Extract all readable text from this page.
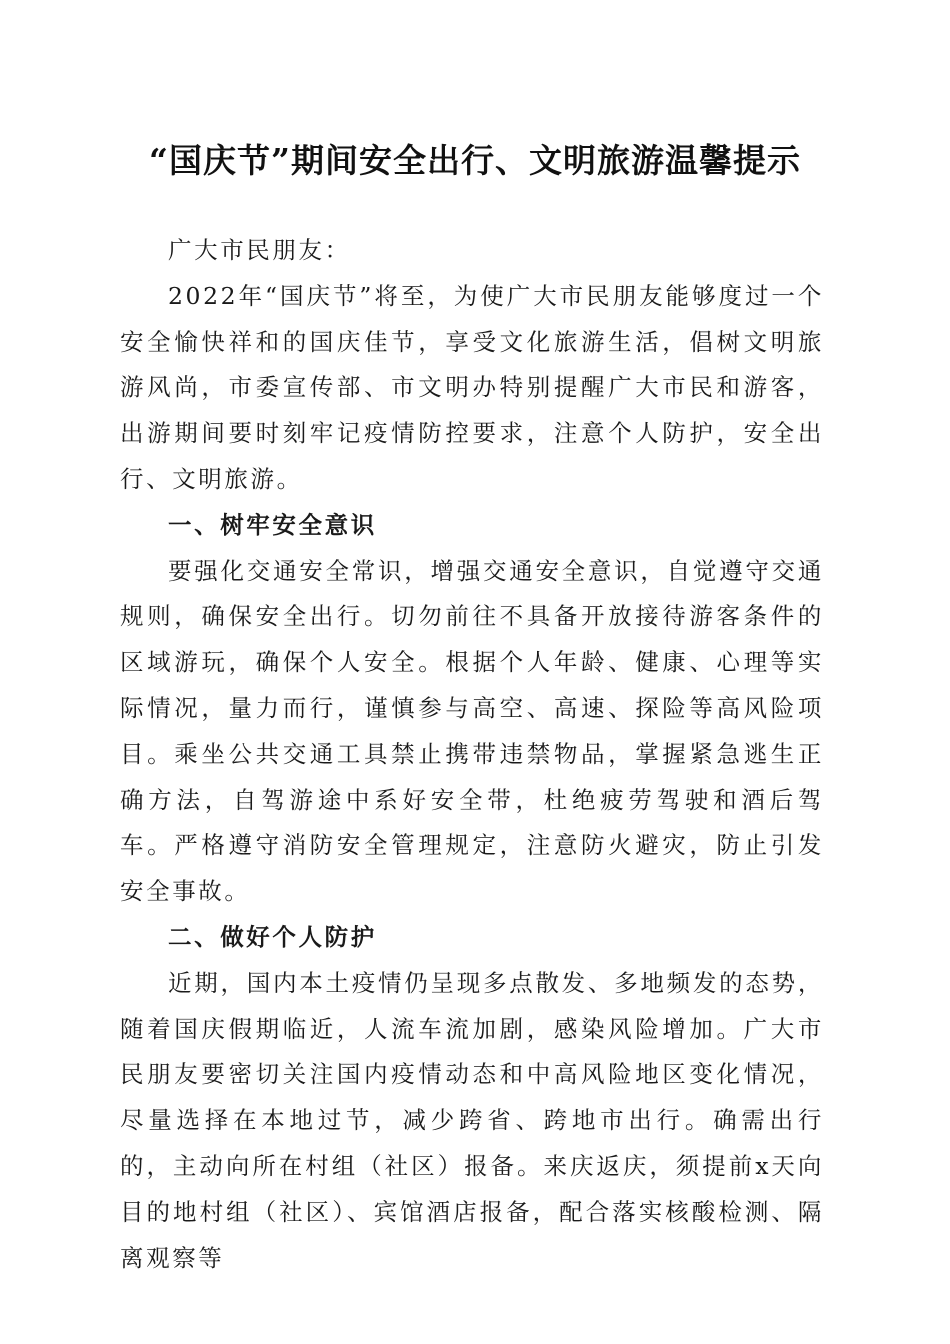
“国庆节”期间安全出行、文明旅游温馨提示

广大市民朋友：

2022年“国庆节”将至，为使广大市民朋友能够度过一个安全愉快祥和的国庆佳节，享受文化旅游生活，倡树文明旅游风尚，市委宣传部、市文明办特别提醒广大市民和游客，出游期间要时刻牢记疫情防控要求，注意个人防护，安全出行、文明旅游。

一、树牢安全意识

要强化交通安全常识，增强交通安全意识，自觉遵守交通规则，确保安全出行。切勿前往不具备开放接待游客条件的区域游玩，确保个人安全。根据个人年龄、健康、心理等实际情况，量力而行，谨慎参与高空、高速、探险等高风险项目。乘坐公共交通工具禁止携带违禁物品，掌握紧急逃生正确方法，自驾游途中系好安全带，杜绝疲劳驾驶和酒后驾车。严格遵守消防安全管理规定，注意防火避灾，防止引发安全事故。

二、做好个人防护

近期，国内本土疫情仍呈现多点散发、多地频发的态势，随着国庆假期临近，人流车流加剧，感染风险增加。广大市民朋友要密切关注国内疫情动态和中高风险地区变化情况，尽量选择在本地过节，减少跨省、跨地市出行。确需出行的，主动向所在村组（社区）报备。来庆返庆，须提前x天向目的地村组（社区）、宾馆酒店报备，配合落实核酸检测、隔离观察等
